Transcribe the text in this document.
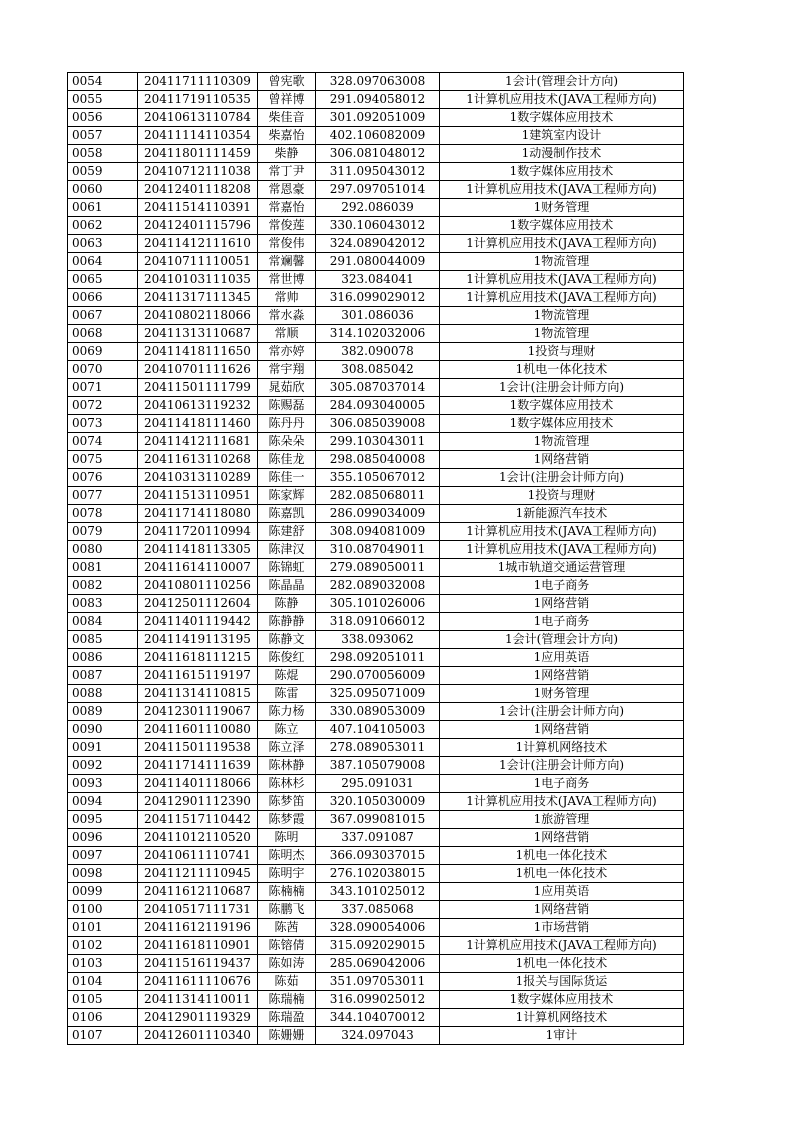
0054	20411711110309	曾宪歌	328.097063008	1会计(管理会计方向)
0055	20411719110535	曾祥博	291.094058012	1计算机应用技术(JAVA工程师方向)
0056	20410613110784	柴佳音	301.092051009	1数字媒体应用技术
0057	20411114110354	柴嘉怡	402.106082009	1建筑室内设计
0058	20411801111459	柴静	306.081048012	1动漫制作技术
0059	20410712111038	常丁尹	311.095043012	1数字媒体应用技术
0060	20412401118208	常恩豪	297.097051014	1计算机应用技术(JAVA工程师方向)
0061	20411514110391	常嘉怡	292.086039	1财务管理
0062	20412401115796	常俊莲	330.106043012	1数字媒体应用技术
0063	20411412111610	常俊伟	324.089042012	1计算机应用技术(JAVA工程师方向)
0064	20410711110051	常斓馨	291.080044009	1物流管理
0065	20410103111035	常世博	323.084041	1计算机应用技术(JAVA工程师方向)
0066	20411317111345	常帅	316.099029012	1计算机应用技术(JAVA工程师方向)
0067	20410802118066	常水淼	301.086036	1物流管理
0068	20411313110687	常顺	314.102032006	1物流管理
0069	20411418111650	常亦婷	382.090078	1投资与理财
0070	20410701111626	常宇翔	308.085042	1机电一体化技术
0071	20411501111799	晁茹欣	305.087037014	1会计(注册会计师方向)
0072	20410613119232	陈赐磊	284.093040005	1数字媒体应用技术
0073	20411418111460	陈丹丹	306.085039008	1数字媒体应用技术
0074	20411412111681	陈朵朵	299.103043011	1物流管理
0075	20411613110268	陈佳龙	298.085040008	1网络营销
0076	20410313110289	陈佳一	355.105067012	1会计(注册会计师方向)
0077	20411513110951	陈家辉	282.085068011	1投资与理财
0078	20411714118080	陈嘉凯	286.099034009	1新能源汽车技术
0079	20411720110994	陈建舒	308.094081009	1计算机应用技术(JAVA工程师方向)
0080	20411418113305	陈津汉	310.087049011	1计算机应用技术(JAVA工程师方向)
0081	20411614110007	陈锦虹	279.089050011	1城市轨道交通运营管理
0082	20410801110256	陈晶晶	282.089032008	1电子商务
0083	20412501112604	陈静	305.101026006	1网络营销
0084	20411401119442	陈静静	318.091066012	1电子商务
0085	20411419113195	陈静文	338.093062	1会计(管理会计方向)
0086	20411618111215	陈俊红	298.092051011	1应用英语
0087	20411615119197	陈焜	290.070056009	1网络营销
0088	20411314110815	陈雷	325.095071009	1财务管理
0089	20412301119067	陈力杨	330.089053009	1会计(注册会计师方向)
0090	20411601110080	陈立	407.104105003	1网络营销
0091	20411501119538	陈立泽	278.089053011	1计算机网络技术
0092	20411714111639	陈林静	387.105079008	1会计(注册会计师方向)
0093	20411401118066	陈林杉	295.091031	1电子商务
0094	20412901112390	陈梦笛	320.105030009	1计算机应用技术(JAVA工程师方向)
0095	20411517110442	陈梦霞	367.099081015	1旅游管理
0096	20411012110520	陈明	337.091087	1网络营销
0097	20410611110741	陈明杰	366.093037015	1机电一体化技术
0098	20411211110945	陈明宇	276.102038015	1机电一体化技术
0099	20411612110687	陈楠楠	343.101025012	1应用英语
0100	20410517111731	陈鹏飞	337.085068	1网络营销
0101	20411612119196	陈茜	328.090054006	1市场营销
0102	20411618110901	陈镕倩	315.092029015	1计算机应用技术(JAVA工程师方向)
0103	20411516119437	陈如涛	285.069042006	1机电一体化技术
0104	20411611110676	陈茹	351.097053011	1报关与国际货运
0105	20411314110011	陈瑞楠	316.099025012	1数字媒体应用技术
0106	20412901119329	陈瑞盈	344.104070012	1计算机网络技术
0107	20412601110340	陈姗姗	324.097043	1审计
